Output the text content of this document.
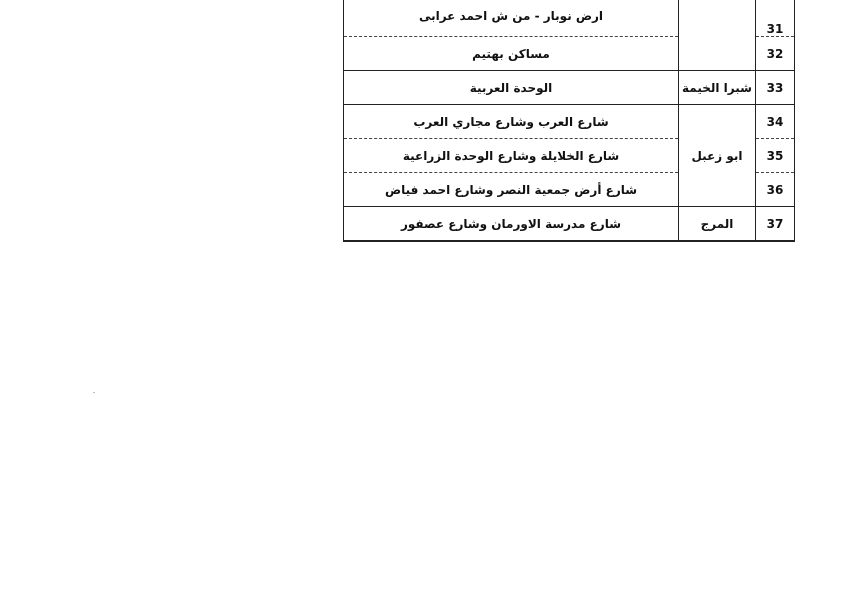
31		ارض نوبار - من ش احمد عرابى
32		مساكن بهتيم
33	شبرا الخيمة	الوحدة العربية
34	ابو زعبل	شارع العرب وشارع مجاري العرب
35		شارع الخلايلة وشارع الوحدة الزراعية
36		شارع أرض جمعية النصر وشارع احمد فياض
37	المرج	شارع مدرسة الاورمان وشارع عصفور
